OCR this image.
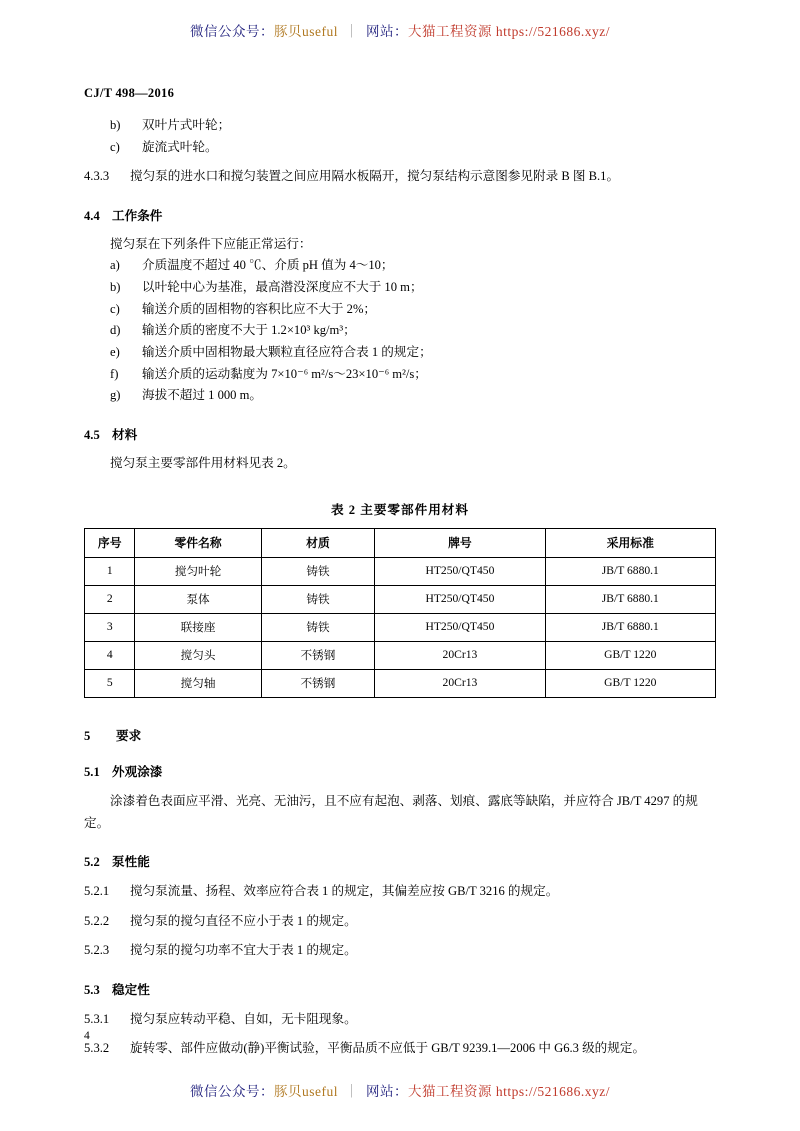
微信公众号：豚贝useful ｜ 网站：大猫工程资源 https://521686.xyz/
CJ/T 498—2016
b)	双叶片式叶轮；
c)	旋流式叶轮。
4.3.3	搅匀泵的进水口和搅匀装置之间应用隔水板隔开，搅匀泵结构示意图参见附录 B 图 B.1。
4.4 工作条件
搅匀泵在下列条件下应能正常运行：
a)	介质温度不超过 40 ℃、介质 pH 值为 4～10；
b)	以叶轮中心为基准，最高潜没深度应不大于 10 m；
c)	输送介质的固相物的容积比应不大于 2%；
d)	输送介质的密度不大于 1.2×10³ kg/m³；
e)	输送介质中固相物最大颗粒直径应符合表 1 的规定；
f)	输送介质的运动黏度为 7×10⁻⁶ m²/s～23×10⁻⁶ m²/s；
g)	海拔不超过 1 000 m。
4.5 材料
搅匀泵主要零部件用材料见表 2。
表 2 主要零部件用材料
序号	零件名称	材质	牌号	采用标准
1	搅匀叶轮	铸铁	HT250/QT450	JB/T 6880.1
2	泵体	铸铁	HT250/QT450	JB/T 6880.1
3	联接座	铸铁	HT250/QT450	JB/T 6880.1
4	搅匀头	不锈钢	20Cr13	GB/T 1220
5	搅匀轴	不锈钢	20Cr13	GB/T 1220
5 要求
5.1 外观涂漆
涂漆着色表面应平滑、光亮、无油污，且不应有起泡、剥落、划痕、露底等缺陷，并应符合 JB/T 4297 的规定。
5.2 泵性能
5.2.1	搅匀泵流量、扬程、效率应符合表 1 的规定，其偏差应按 GB/T 3216 的规定。
5.2.2	搅匀泵的搅匀直径不应小于表 1 的规定。
5.2.3	搅匀泵的搅匀功率不宜大于表 1 的规定。
5.3 稳定性
5.3.1	搅匀泵应转动平稳、自如，无卡阻现象。
5.3.2	旋转零、部件应做动(静)平衡试验，平衡品质不应低于 GB/T 9239.1—2006 中 G6.3 级的规定。
4
微信公众号：豚贝useful ｜ 网站：大猫工程资源 https://521686.xyz/
